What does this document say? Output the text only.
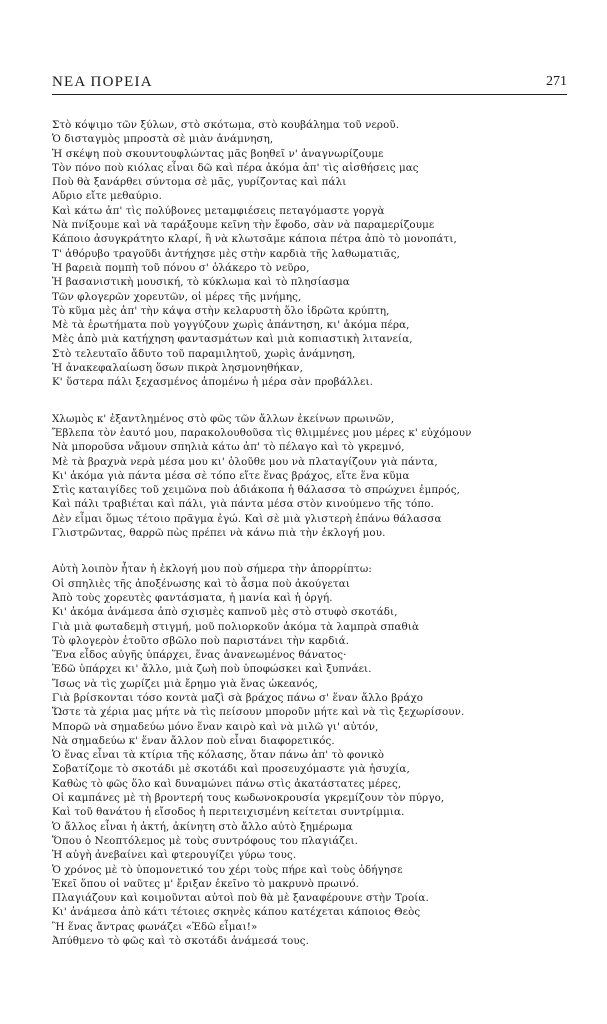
ΝΕΑ ΠΟΡΕΙΑ	271
Στὸ κόψιμο τῶν ξύλων, στὸ σκότωμα, στὸ κουβάλημα τοῦ νεροῦ.
Ὁ δισταγμὸς μπροστὰ σὲ μιὰν ἀνάμνηση,
Ἡ σκέψη ποὺ σκουντουφλώντας μᾶς βοηθεῖ ν' ἀναγνωρίζουμε
Τὸν πόνο ποὺ κιόλας εἶναι δῶ καὶ πέρα ἀκόμα ἀπ' τὶς αἰσθήσεις μας
Ποὺ θὰ ξανάρθει σύντομα σὲ μᾶς, γυρίζοντας καὶ πάλι
Αὔριο εἴτε μεθαύριο.
Καὶ κάτω ἀπ' τὶς πολύβονες μεταμφιέσεις πεταγόμαστε γοργὰ
Νὰ πνίξουμε καὶ νὰ ταράξουμε κεῖνη τὴν ἔφοδο, σὰν νὰ παραμερίζουμε
Κάποιο ἀσυγκράτητο κλαρί, ἢ νὰ κλωτσᾶμε κάποια πέτρα ἀπὸ τὸ μονοπάτι,
Τ' ἀθόρυβο τραγοῦδι ἀντήχησε μὲς στὴν καρδιὰ τῆς λαθωματιᾶς,
Ἡ βαρειὰ πομπὴ τοῦ πόνου σ' ὁλάκερο τὸ νεῦρο,
Ἡ βασανιστικὴ μουσική, τὸ κύκλωμα καὶ τὸ πλησίασμα
Τῶν φλογερῶν χορευτῶν, οἱ μέρες τῆς μνήμης,
Τὸ κῦμα μὲς ἀπ' τὴν κάψα στὴν κελαρυστὴ ὅλο ἱδρῶτα κρύπτη,
Μὲ τὰ ἐρωτήματα ποὺ γογγύζουν χωρὶς ἀπάντηση, κι' ἀκόμα πέρα,
Μὲς ἀπὸ μιὰ κατήχηση φαντασμάτων καὶ μιὰ κοπιαστικὴ λιτανεία,
Στὸ τελευταῖο ἄδυτο τοῦ παραμιλητοῦ, χωρὶς ἀνάμνηση,
Ἡ ἀνακεφαλαίωση ὅσων πικρὰ λησμονηθήκαν,
Κ' ὕστερα πάλι ξεχασμένος ἀπομένω ἡ μέρα σὰν προβάλλει.
Χλωμὸς κ' ἐξαντλημένος στὸ φῶς τῶν ἄλλων ἐκείνων πρωινῶν,
Ἔβλεπα τὸν ἑαυτό μου, παρακολουθοῦσα τὶς θλιμμένες μου μέρες κ' εὐχόμουν
Νὰ μποροῦσα νἄμουν σπηλιὰ κάτω ἀπ' τὸ πέλαγο καὶ τὸ γκρεμνό,
Μὲ τὰ βραχνὰ νερὰ μέσα μου κι' ὁλοῦθε μου νὰ πλαταγίζουν γιὰ πάντα,
Κι' ἀκόμα γιὰ πάντα μέσα σὲ τόπο εἴτε ἕνας βράχος, εἴτε ἕνα κῦμα
Στὶς καταιγίδες τοῦ χειμῶνα ποὺ ἀδιάκοπα ἡ θάλασσα τὸ σπρώχνει ἐμπρός,
Καὶ πάλι τραβιέται καὶ πάλι, γιὰ πάντα μέσα στὸν κινούμενο τῆς τόπο.
Δὲν εἶμαι ὅμως τέτοιο πρᾶγμα ἐγώ. Καὶ σὲ μιὰ γλιστερὴ ἐπάνω θάλασσα
Γλιστρῶντας, θαρρῶ πὼς πρέπει νὰ κάνω πιὰ τὴν ἐκλογή μου.
Αὐτὴ λοιπὸν ἦταν ἡ ἐκλογή μου ποὺ σήμερα τὴν ἀπορρίπτω:
Οἱ σπηλιὲς τῆς ἀποξένωσης καὶ τὸ ἆσμα ποὺ ἀκούγεται
Ἀπὸ τοὺς χορευτὲς φαντάσματα, ἡ μανία καὶ ἡ ὀργή.
Κι' ἀκόμα ἀνάμεσα ἀπὸ σχισμὲς καπνοῦ μὲς στὸ στυφὸ σκοτάδι,
Γιὰ μιὰ φωταδεμὴ στιγμή, μοῦ πολιορκοῦν ἀκόμα τὰ λαμπρὰ σπαθιὰ
Τὸ φλογερὸν ἐτοῦτο σβῶλο ποὺ παριστάνει τὴν καρδιά.
Ἕνα εἶδος αὐγῆς ὑπάρχει, ἕνας ἀνανεωμένος θάνατος·
Ἐδῶ ὑπάρχει κι' ἄλλο, μιὰ ζωὴ ποὺ ὑποφώσκει καὶ ξυπνάει.
Ἴσως νὰ τὶς χωρίζει μιὰ ἔρημο γιὰ ἕνας ὠκεανός,
Γιὰ βρίσκονται τόσο κοντὰ μαζὶ σὰ βράχος πάνω σ' ἕναν ἄλλο βράχο
Ὥστε τὰ χέρια μας μήτε νὰ τὶς πείσουν μποροῦν μήτε καὶ νὰ τὶς ξεχωρίσουν.
Μπορῶ νὰ σημαδεύω μόνο ἕναν καιρὸ καὶ νὰ μιλῶ γι' αὐτόν,
Νὰ σημαδεύω κ' ἕναν ἄλλον ποὺ εἶναι διαφορετικός.
Ὁ ἕνας εἶναι τὰ κτίρια τῆς κόλασης, ὅταν πάνω ἀπ' τὸ φονικὸ
Σοβατίζομε τὸ σκοτάδι μὲ σκοτάδι καὶ προσευχόμαστε γιὰ ἡσυχία,
Καθὼς τὸ φῶς ὅλο καὶ δυναμώνει πάνω στὶς ἀκατάστατες μέρες,
Οἱ καμπάνες μὲ τὴ βροντερή τους κωδωνοκρουσία γκρεμίζουν τὸν πύργο,
Καὶ τοῦ θανάτου ἡ εἴσοδος ἡ περιτειχισμένη κείτεται συντρίμμια.
Ὁ ἄλλος εἶναι ἡ ἀκτή, ἀκίνητη στὸ ἄλλο αὐτὸ ξημέρωμα
Ὅπου ὁ Νεοπτόλεμος μὲ τοὺς συντρόφους του πλαγιάζει.
Ἡ αὐγὴ ἀνεβαίνει καὶ φτερουγίζει γύρω τους.
Ὁ χρόνος μὲ τὸ ὑπομονετικό του χέρι τοὺς πήρε καὶ τοὺς ὁδήγησε
Ἐκεῖ ὅπου οἱ ναῦτες μ' ἔριξαν ἐκεῖνο τὸ μακρυνὸ πρωινό.
Πλαγιάζουν καὶ κοιμοῦνται αὐτοὶ ποὺ θὰ μὲ ξαναφέρουνε στὴν Τροία.
Κι' ἀνάμεσα ἀπὸ κάτι τέτοιες σκηνὲς κάπου κατέχεται κάποιος Θεὸς
Ἢ ἕνας ἄντρας φωνάζει «Ἐδῶ εἶμαι!»
Ἀπύθμενο τὸ φῶς καὶ τὸ σκοτάδι ἀνάμεσά τους.
